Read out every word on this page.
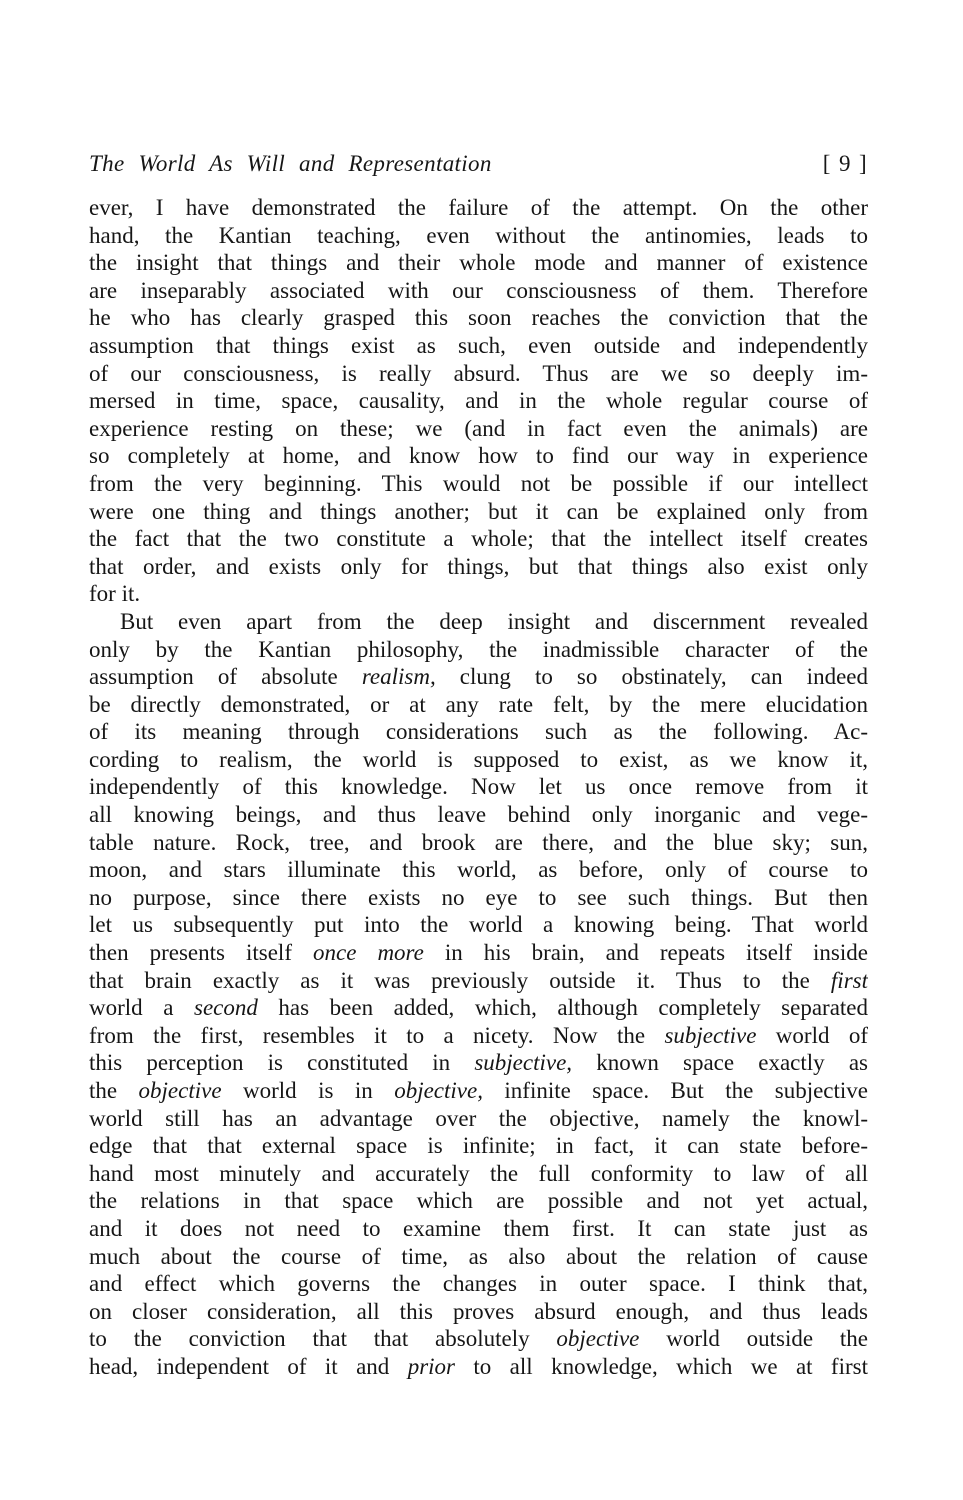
The World As Will and Representation	[ 9 ]
ever, I have demonstrated the failure of the attempt. On the other
hand, the Kantian teaching, even without the antinomies, leads to
the insight that things and their whole mode and manner of existence
are inseparably associated with our consciousness of them. Therefore
he who has clearly grasped this soon reaches the conviction that the
assumption that things exist as such, even outside and independently
of our consciousness, is really absurd. Thus are we so deeply im-
mersed in time, space, causality, and in the whole regular course of
experience resting on these; we (and in fact even the animals) are
so completely at home, and know how to find our way in experience
from the very beginning. This would not be possible if our intellect
were one thing and things another; but it can be explained only from
the fact that the two constitute a whole; that the intellect itself creates
that order, and exists only for things, but that things also exist only
for it.
But even apart from the deep insight and discernment revealed
only by the Kantian philosophy, the inadmissible character of the
assumption of absolute realism, clung to so obstinately, can indeed
be directly demonstrated, or at any rate felt, by the mere elucidation
of its meaning through considerations such as the following. Ac-
cording to realism, the world is supposed to exist, as we know it,
independently of this knowledge. Now let us once remove from it
all knowing beings, and thus leave behind only inorganic and vege-
table nature. Rock, tree, and brook are there, and the blue sky; sun,
moon, and stars illuminate this world, as before, only of course to
no purpose, since there exists no eye to see such things. But then
let us subsequently put into the world a knowing being. That world
then presents itself once more in his brain, and repeats itself inside
that brain exactly as it was previously outside it. Thus to the first
world a second has been added, which, although completely separated
from the first, resembles it to a nicety. Now the subjective world of
this perception is constituted in subjective, known space exactly as
the objective world is in objective, infinite space. But the subjective
world still has an advantage over the objective, namely the knowl-
edge that that external space is infinite; in fact, it can state before-
hand most minutely and accurately the full conformity to law of all
the relations in that space which are possible and not yet actual,
and it does not need to examine them first. It can state just as
much about the course of time, as also about the relation of cause
and effect which governs the changes in outer space. I think that,
on closer consideration, all this proves absurd enough, and thus leads
to the conviction that that absolutely objective world outside the
head, independent of it and prior to all knowledge, which we at first
